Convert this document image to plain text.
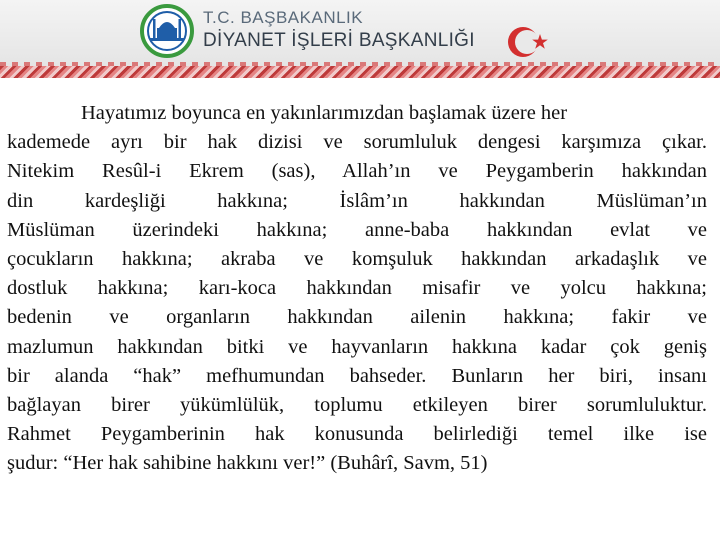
T.C. BAŞBAKANLIK
DİYANET İŞLERİ BAŞKANLIĞI

Hayatımız boyunca en yakınlarımızdan başlamak üzere her
kademede ayrı bir hak dizisi ve sorumluluk dengesi karşımıza çıkar.
Nitekim Resûl-i Ekrem (sas), Allah’ın ve Peygamberin hakkından
din kardeşliği hakkına; İslâm’ın hakkından Müslüman’ın
Müslüman üzerindeki hakkına; anne-baba hakkından evlat ve
çocukların hakkına; akraba ve komşuluk hakkından arkadaşlık ve
dostluk hakkına; karı-koca hakkından misafir ve yolcu hakkına;
bedenin ve organların hakkından ailenin hakkına; fakir ve
mazlumun hakkından bitki ve hayvanların hakkına kadar çok geniş
bir alanda “hak” mefhumundan bahseder. Bunların her biri, insanı
bağlayan birer yükümlülük, toplumu etkileyen birer sorumluluktur.
Rahmet Peygamberinin hak konusunda belirlediği temel ilke ise
şudur: “Her hak sahibine hakkını ver!” (Buhârî, Savm, 51)
